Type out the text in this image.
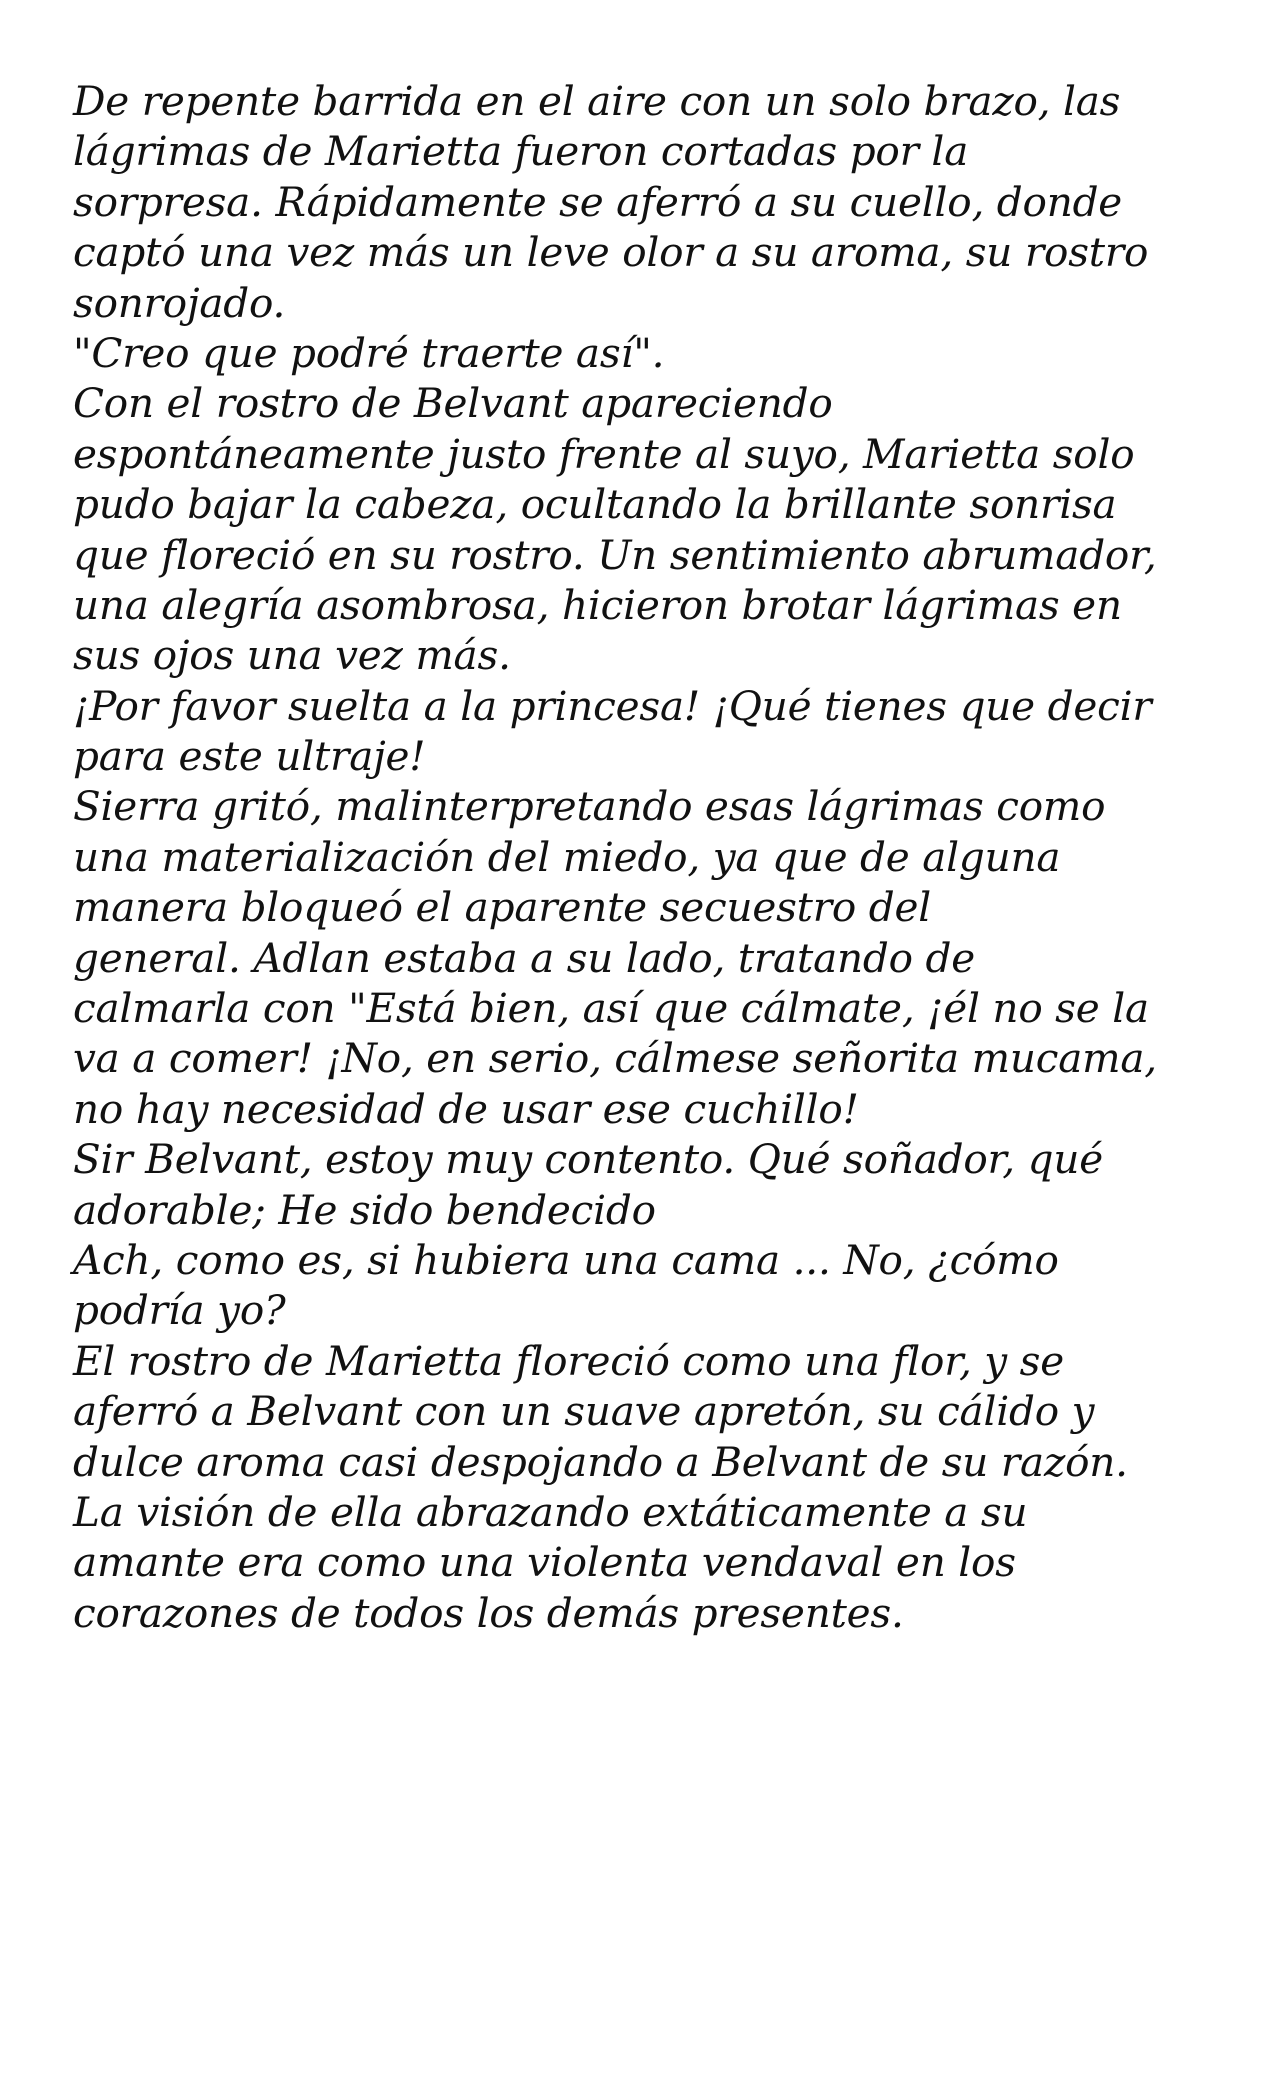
De repente barrida en el aire con un solo brazo, las
lágrimas de Marietta fueron cortadas por la
sorpresa. Rápidamente se aferró a su cuello, donde
captó una vez más un leve olor a su aroma, su rostro
sonrojado.
"Creo que podré traerte así".
Con el rostro de Belvant apareciendo
espontáneamente justo frente al suyo, Marietta solo
pudo bajar la cabeza, ocultando la brillante sonrisa
que floreció en su rostro. Un sentimiento abrumador,
una alegría asombrosa, hicieron brotar lágrimas en
sus ojos una vez más.
¡Por favor suelta a la princesa! ¡Qué tienes que decir
para este ultraje!
Sierra gritó, malinterpretando esas lágrimas como
una materialización del miedo, ya que de alguna
manera bloqueó el aparente secuestro del
general. Adlan estaba a su lado, tratando de
calmarla con "Está bien, así que cálmate, ¡él no se la
va a comer! ¡No, en serio, cálmese señorita mucama,
no hay necesidad de usar ese cuchillo!
Sir Belvant, estoy muy contento. Qué soñador, qué
adorable; He sido bendecido
Ach, como es, si hubiera una cama ... No, ¿cómo
podría yo?
El rostro de Marietta floreció como una flor, y se
aferró a Belvant con un suave apretón, su cálido y
dulce aroma casi despojando a Belvant de su razón.
La visión de ella abrazando extáticamente a su
amante era como una violenta vendaval en los
corazones de todos los demás presentes.
